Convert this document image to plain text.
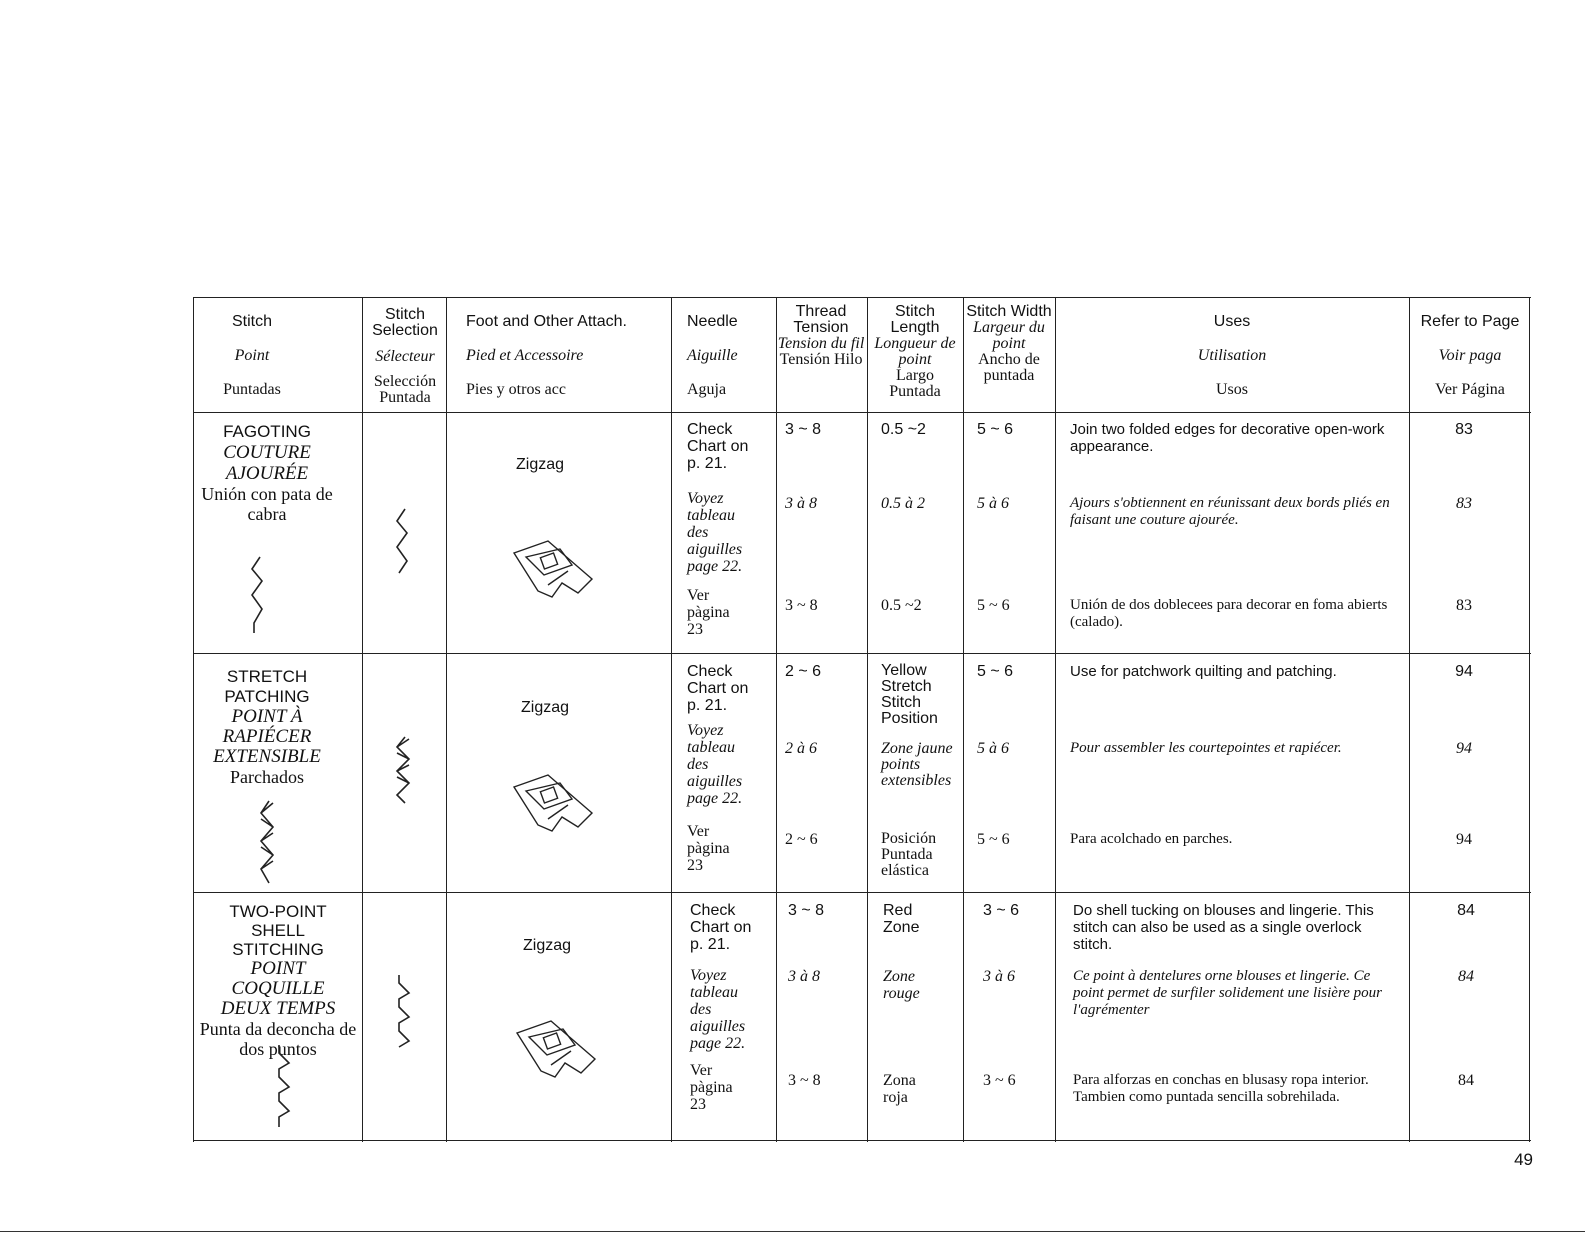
Stitch
Point
Puntadas
Stitch Selection
Sélecteur
Selección Puntada
Foot and Other Attach.
Pied et Accessoire
Pies y otros acc
Needle
Aiguille
Aguja
Thread Tension
Tension du fil
Tensión Hilo
Stitch Length
Longueur de point
Largo Puntada
Stitch Width
Largeur du point
Ancho de puntada
Uses
Utilisation
Usos
Refer to Page
Voir paga
Ver Página
FAGOTING
COUTURE AJOURÉE
Unión con pata de cabra
Zigzag
Check Chart on p. 21.
Voyez tableau des aiguilles page 22.
Ver pàgina 23
3 ~ 8
3 à 8
3 ~ 8
0.5 ~2
0.5 à 2
0.5 ~2
5 ~ 6
5 à 6
5 ~ 6
Join two folded edges for decorative open-work appearance.
Ajours s'obtiennent en réunissant deux bords pliés en faisant une couture ajourée.
Unión de dos doblecees para decorar en foma abierts (calado).
83
83
83
STRETCH PATCHING
POINT À RAPIÉCER EXTENSIBLE
Parchados
Zigzag
Check Chart on p. 21.
Voyez tableau des aiguilles page 22.
Ver pàgina 23
2 ~ 6
2 à 6
2 ~ 6
Yellow Stretch Stitch Position
Zone jaune points extensibles
Posición Puntada elástica
5 ~ 6
5 à 6
5 ~ 6
Use for patchwork quilting and patching.
Pour assembler les courtepointes et rapiécer.
Para acolchado en parches.
94
94
94
TWO-POINT SHELL STITCHING
POINT COQUILLE DEUX TEMPS
Punta da deconcha de dos puntos
Zigzag
Check Chart on p. 21.
Voyez tableau des aiguilles page 22.
Ver pàgina 23
3 ~ 8
3 à 8
3 ~ 8
Red Zone
Zone rouge
Zona roja
3 ~ 6
3 à 6
3 ~ 6
Do shell tucking on blouses and lingerie. This stitch can also be used as a single overlock stitch.
Ce point à dentelures orne blouses et lingerie. Ce point permet de surfiler solidement une lisière pour l'agrémenter
Para alforzas en conchas en blusasy ropa interior. Tambien como puntada sencilla sobrehilada.
84
84
84
49
